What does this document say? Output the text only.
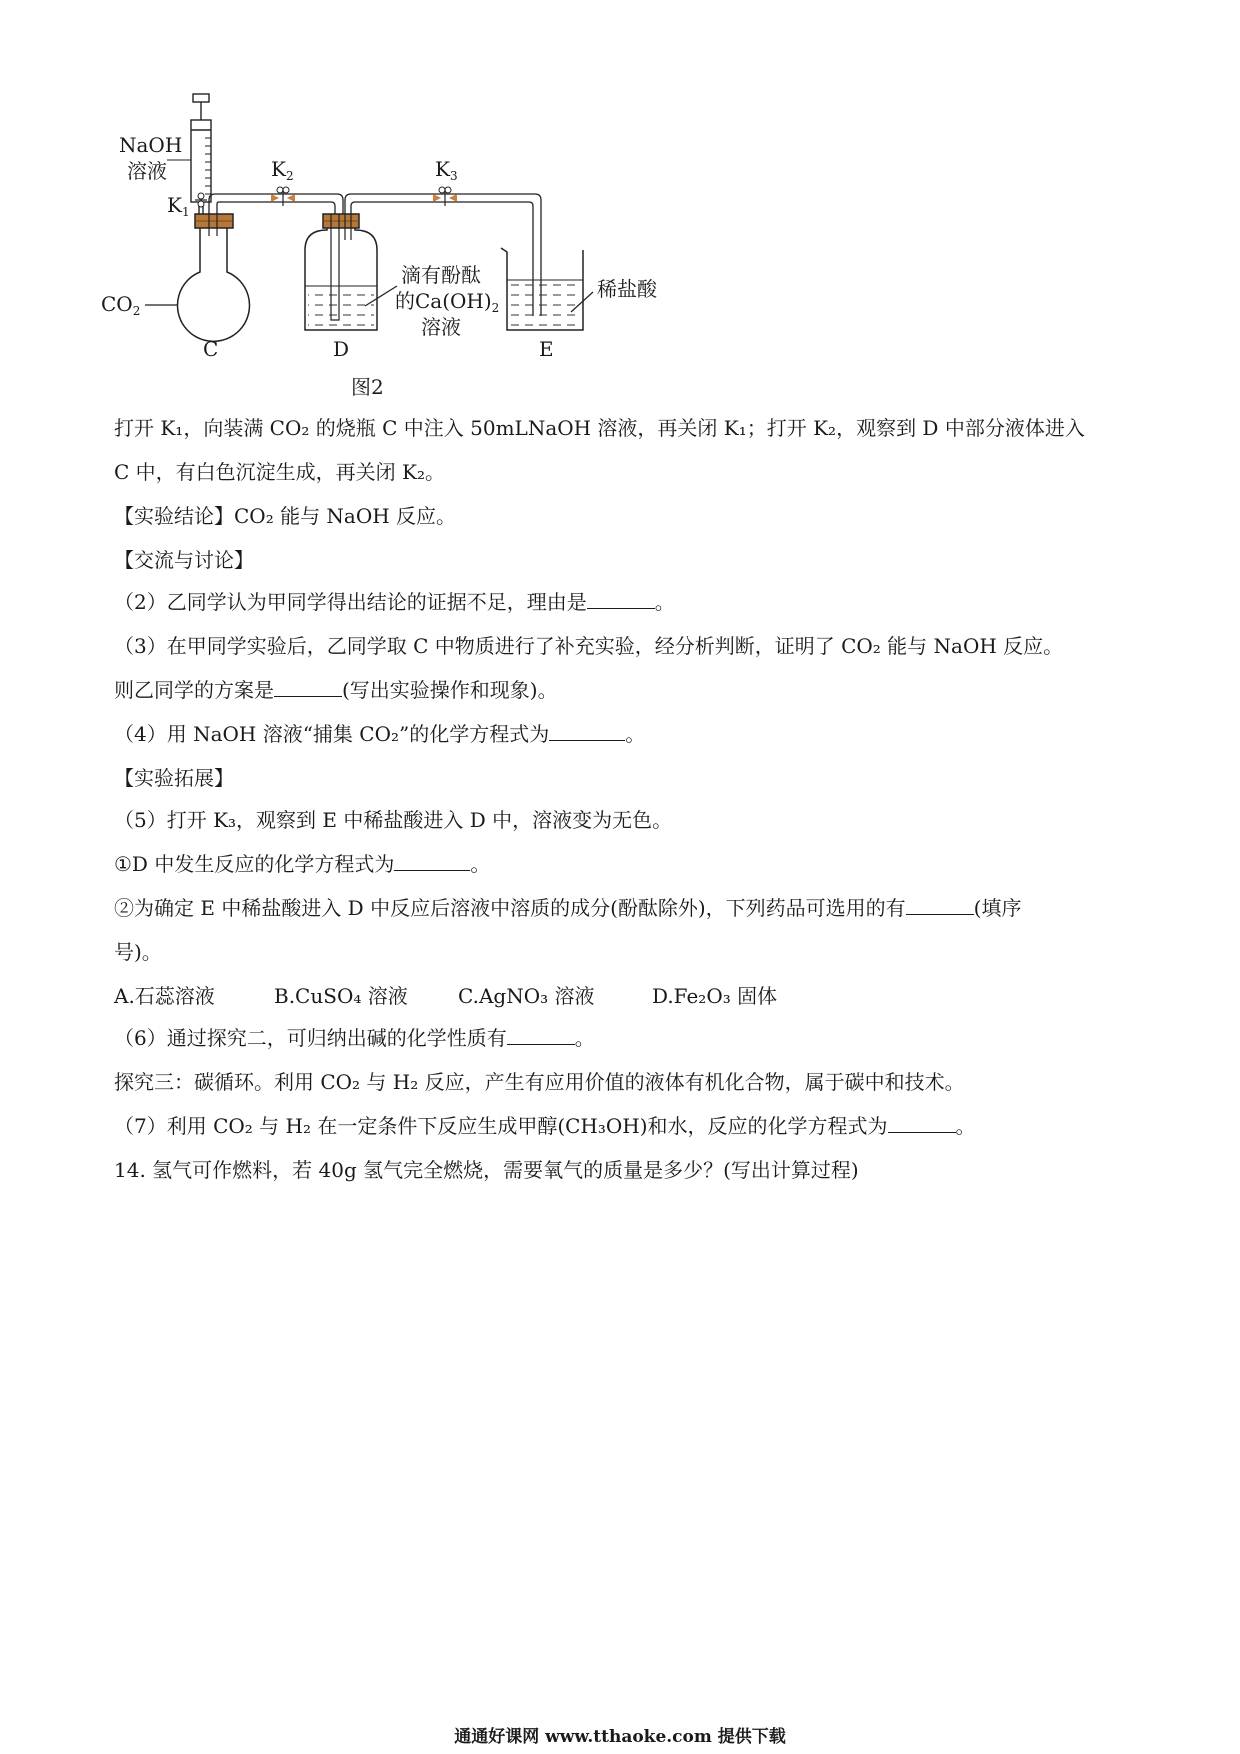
NaOH
溶液
$K_1$
$CO_2$
C
$K_2$
滴有酚酞
的$Ca(OH)_2$
溶液
D
$K_3$
稀盐酸
E
图2
打开 K₁，向装满 CO₂ 的烧瓶 C 中注入 50mLNaOH 溶液，再关闭 K₁；打开 K₂，观察到 D 中部分液体进入
C 中，有白色沉淀生成，再关闭 K₂。
【实验结论】CO₂ 能与 NaOH 反应。
【交流与讨论】
（2）乙同学认为甲同学得出结论的证据不足，理由是	。
（3）在甲同学实验后，乙同学取 C 中物质进行了补充实验，经分析判断，证明了 CO₂ 能与 NaOH 反应。
则乙同学的方案是	(写出实验操作和现象)。
（4）用 NaOH 溶液“捕集 CO₂”的化学方程式为	。
【实验拓展】
（5）打开 K₃，观察到 E 中稀盐酸进入 D 中，溶液变为无色。
①D 中发生反应的化学方程式为	。
②为确定 E 中稀盐酸进入 D 中反应后溶液中溶质的成分(酚酞除外)，下列药品可选用的有	(填序
号)。
A.石蕊溶液	B.CuSO₄ 溶液	C.AgNO₃ 溶液	D.Fe₂O₃ 固体
（6）通过探究二，可归纳出碱的化学性质有	。
探究三：碳循环。利用 CO₂ 与 H₂ 反应，产生有应用价值的液体有机化合物，属于碳中和技术。
（7）利用 CO₂ 与 H₂ 在一定条件下反应生成甲醇(CH₃OH)和水，反应的化学方程式为	。
14. 氢气可作燃料，若 40g 氢气完全燃烧，需要氧气的质量是多少？(写出计算过程)
通通好课网 www.tthaoke.com 提供下载
